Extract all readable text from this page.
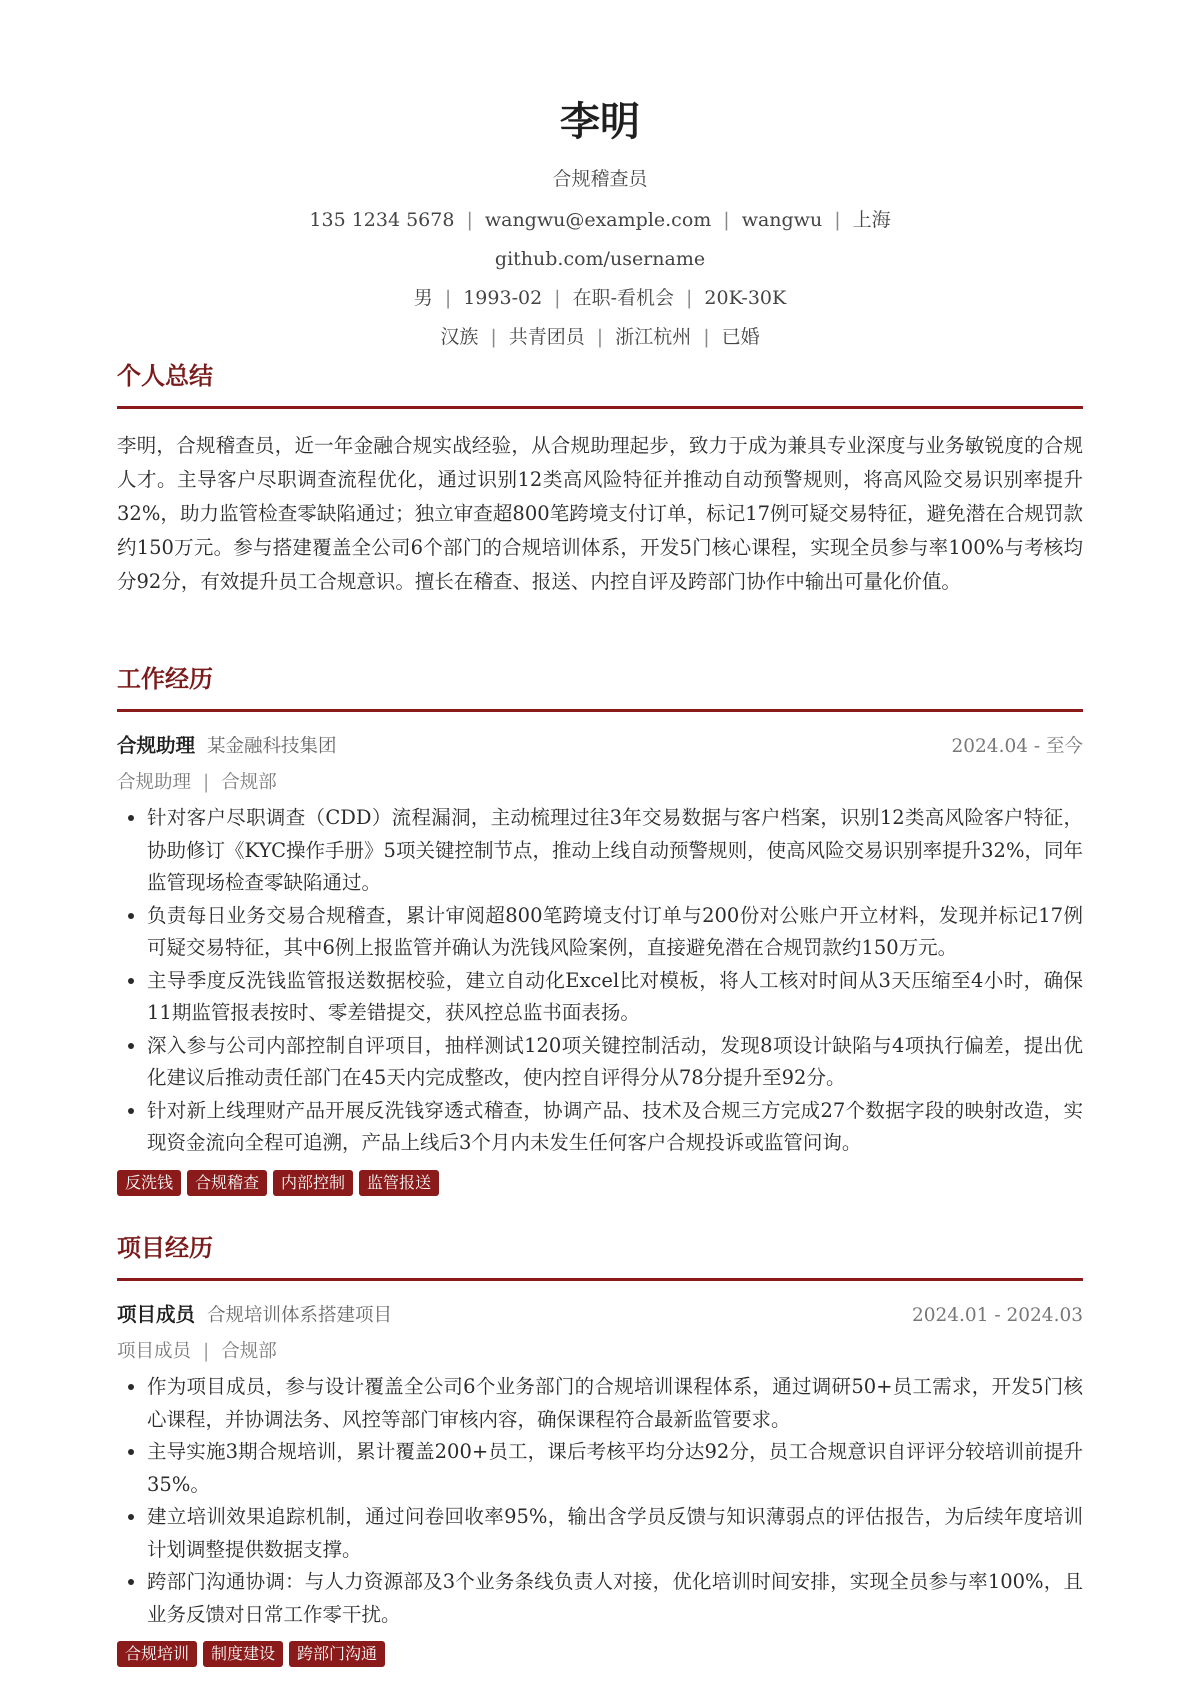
李明
合规稽查员
135 1234 5678 | wangwu@example.com | wangwu | 上海
github.com/username
男 | 1993-02 | 在职-看机会 | 20K-30K
汉族 | 共青团员 | 浙江杭州 | 已婚
个人总结
李明，合规稽查员，近一年金融合规实战经验，从合规助理起步，致力于成为兼具专业深度与业务敏锐度的合规人才。主导客户尽职调查流程优化，通过识别12类高风险特征并推动自动预警规则，将高风险交易识别率提升32%，助力监管检查零缺陷通过；独立审查超800笔跨境支付订单，标记17例可疑交易特征，避免潜在合规罚款约150万元。参与搭建覆盖全公司6个部门的合规培训体系，开发5门核心课程，实现全员参与率100%与考核均分92分，有效提升员工合规意识。擅长在稽查、报送、内控自评及跨部门协作中输出可量化价值。
工作经历
合规助理 某金融科技集团	2024.04 - 至今
合规助理 | 合规部
• 针对客户尽职调查（CDD）流程漏洞，主动梳理过往3年交易数据与客户档案，识别12类高风险客户特征，协助修订《KYC操作手册》5项关键控制节点，推动上线自动预警规则，使高风险交易识别率提升32%，同年监管现场检查零缺陷通过。
• 负责每日业务交易合规稽查，累计审阅超800笔跨境支付订单与200份对公账户开立材料，发现并标记17例可疑交易特征，其中6例上报监管并确认为洗钱风险案例，直接避免潜在合规罚款约150万元。
• 主导季度反洗钱监管报送数据校验，建立自动化Excel比对模板，将人工核对时间从3天压缩至4小时，确保11期监管报表按时、零差错提交，获风控总监书面表扬。
• 深入参与公司内部控制自评项目，抽样测试120项关键控制活动，发现8项设计缺陷与4项执行偏差，提出优化建议后推动责任部门在45天内完成整改，使内控自评得分从78分提升至92分。
• 针对新上线理财产品开展反洗钱穿透式稽查，协调产品、技术及合规三方完成27个数据字段的映射改造，实现资金流向全程可追溯，产品上线后3个月内未发生任何客户合规投诉或监管问询。
反洗钱	合规稽查	内部控制	监管报送
项目经历
项目成员 合规培训体系搭建项目	2024.01 - 2024.03
项目成员 | 合规部
• 作为项目成员，参与设计覆盖全公司6个业务部门的合规培训课程体系，通过调研50+员工需求，开发5门核心课程，并协调法务、风控等部门审核内容，确保课程符合最新监管要求。
• 主导实施3期合规培训，累计覆盖200+员工，课后考核平均分达92分，员工合规意识自评评分较培训前提升35%。
• 建立培训效果追踪机制，通过问卷回收率95%，输出含学员反馈与知识薄弱点的评估报告，为后续年度培训计划调整提供数据支撑。
• 跨部门沟通协调：与人力资源部及3个业务条线负责人对接，优化培训时间安排，实现全员参与率100%，且业务反馈对日常工作零干扰。
合规培训	制度建设	跨部门沟通
